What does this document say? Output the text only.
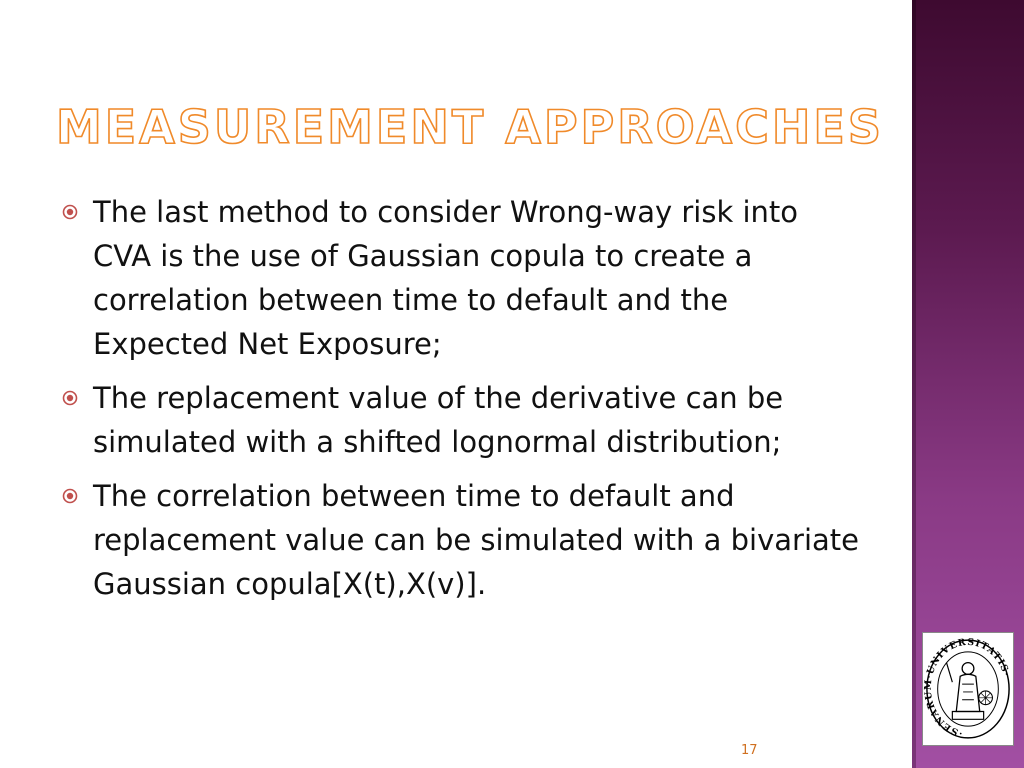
MEASUREMENT APPROACHES
The last method to consider Wrong-way risk into CVA is the use of Gaussian copula to create a correlation between time to default and the Expected Net Exposure;
The replacement value of the derivative can be simulated with a shifted lognormal distribution;
The correlation between time to default and replacement value can be simulated with a bivariate Gaussian copula[X(t),X(v)].
17
·SENARUM·UNIVERSITATIS·
